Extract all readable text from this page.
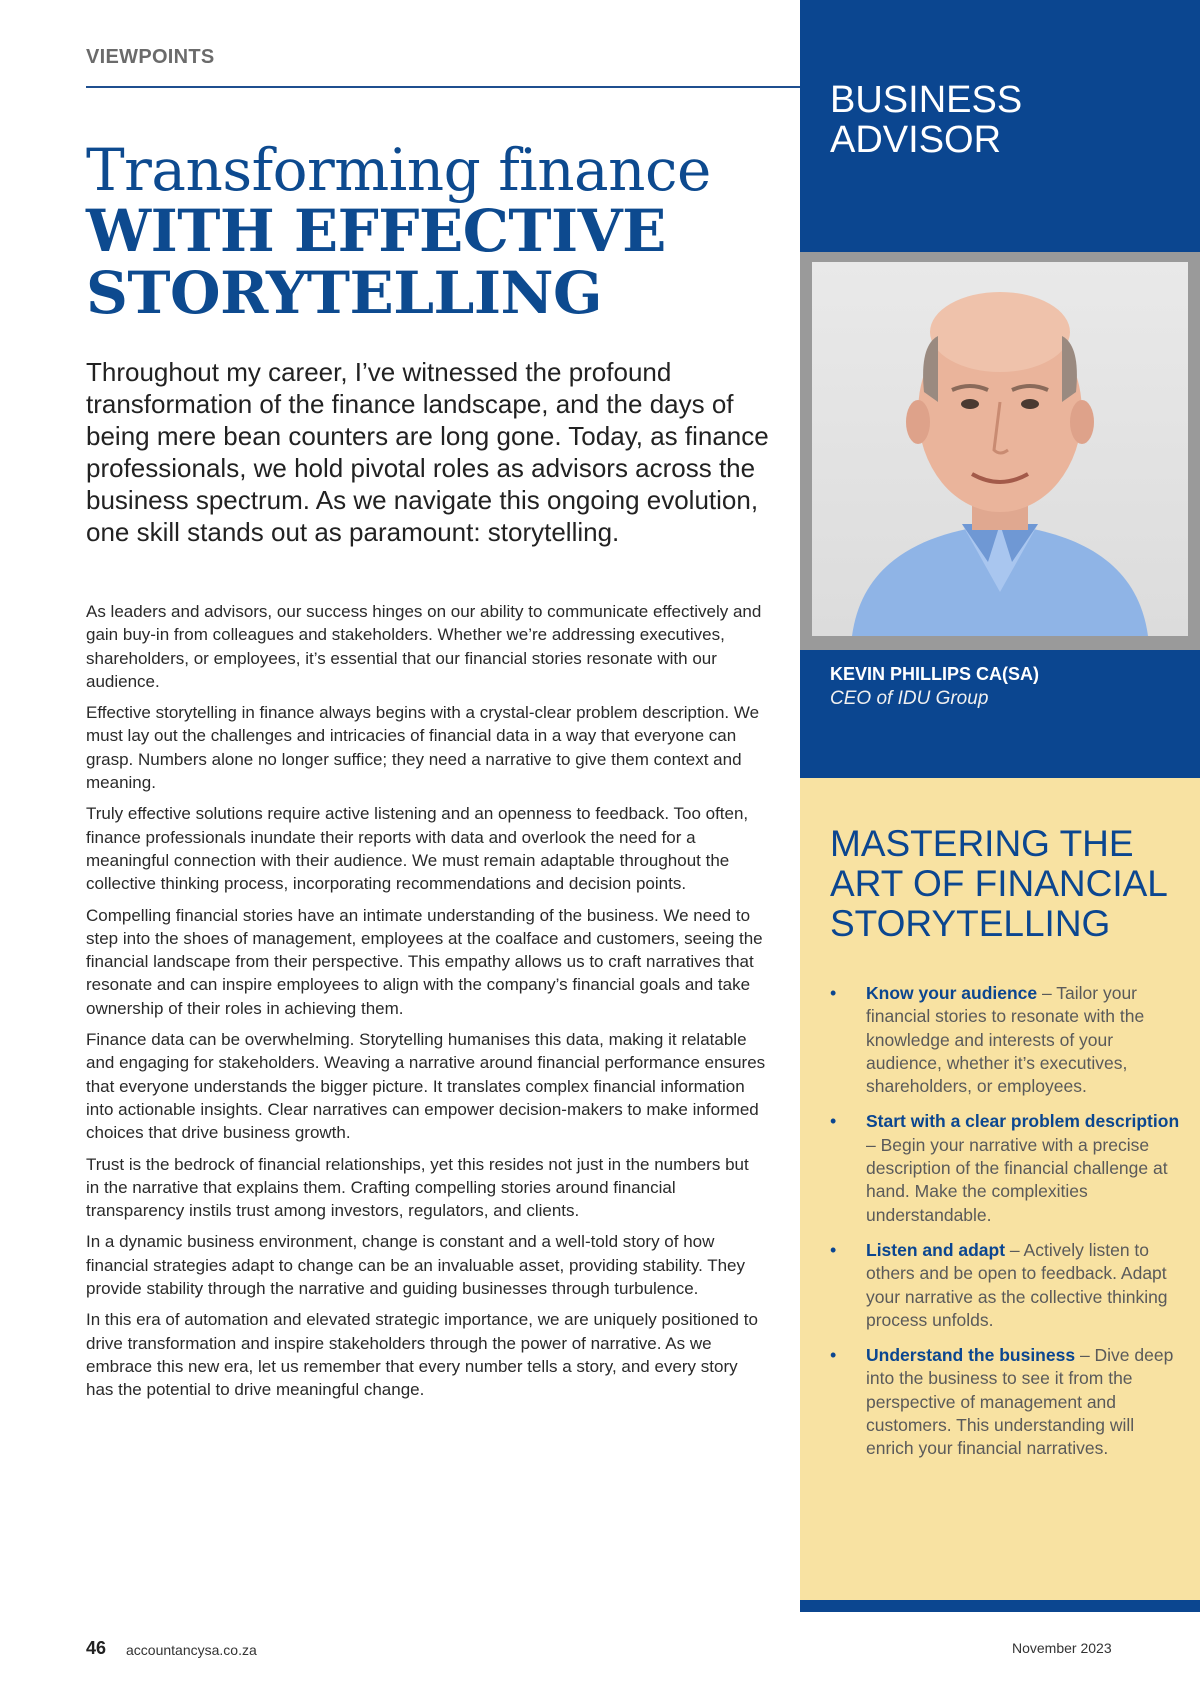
VIEWPOINTS
Transforming finance
WITH EFFECTIVE
STORYTELLING

Throughout my career, I’ve witnessed the profound transformation of the finance landscape, and the days of being mere bean counters are long gone. Today, as finance professionals, we hold pivotal roles as advisors across the business spectrum. As we navigate this ongoing evolution, one skill stands out as paramount: storytelling.

As leaders and advisors, our success hinges on our ability to communicate effectively and gain buy-in from colleagues and stakeholders. Whether we’re addressing executives, shareholders, or employees, it’s essential that our financial stories resonate with our audience.

Effective storytelling in finance always begins with a crystal-clear problem description. We must lay out the challenges and intricacies of financial data in a way that everyone can grasp. Numbers alone no longer suffice; they need a narrative to give them context and meaning.

Truly effective solutions require active listening and an openness to feedback. Too often, finance professionals inundate their reports with data and overlook the need for a meaningful connection with their audience. We must remain adaptable throughout the collective thinking process, incorporating recommendations and decision points.

Compelling financial stories have an intimate understanding of the business. We need to step into the shoes of management, employees at the coalface and customers, seeing the financial landscape from their perspective. This empathy allows us to craft narratives that resonate and can inspire employees to align with the company’s financial goals and take ownership of their roles in achieving them.

Finance data can be overwhelming. Storytelling humanises this data, making it relatable and engaging for stakeholders. Weaving a narrative around financial performance ensures that everyone understands the bigger picture. It translates complex financial information into actionable insights. Clear narratives can empower decision-makers to make informed choices that drive business growth.

Trust is the bedrock of financial relationships, yet this resides not just in the numbers but in the narrative that explains them. Crafting compelling stories around financial transparency instils trust among investors, regulators, and clients.

In a dynamic business environment, change is constant and a well-told story of how financial strategies adapt to change can be an invaluable asset, providing stability. They provide stability through the narrative and guiding businesses through turbulence.

In this era of automation and elevated strategic importance, we are uniquely positioned to drive transformation and inspire stakeholders through the power of narrative. As we embrace this new era, let us remember that every number tells a story, and every story has the potential to drive meaningful change.

BUSINESS ADVISOR
KEVIN PHILLIPS CA(SA)
CEO of IDU Group
MASTERING THE ART OF FINANCIAL STORYTELLING
• Know your audience – Tailor your financial stories to resonate with the knowledge and interests of your audience, whether it’s executives, shareholders, or employees.
• Start with a clear problem description – Begin your narrative with a precise description of the financial challenge at hand. Make the complexities understandable.
• Listen and adapt – Actively listen to others and be open to feedback. Adapt your narrative as the collective thinking process unfolds.
• Understand the business – Dive deep into the business to see it from the perspective of management and customers. This understanding will enrich your financial narratives.
46 accountancysa.co.za	November 2023
